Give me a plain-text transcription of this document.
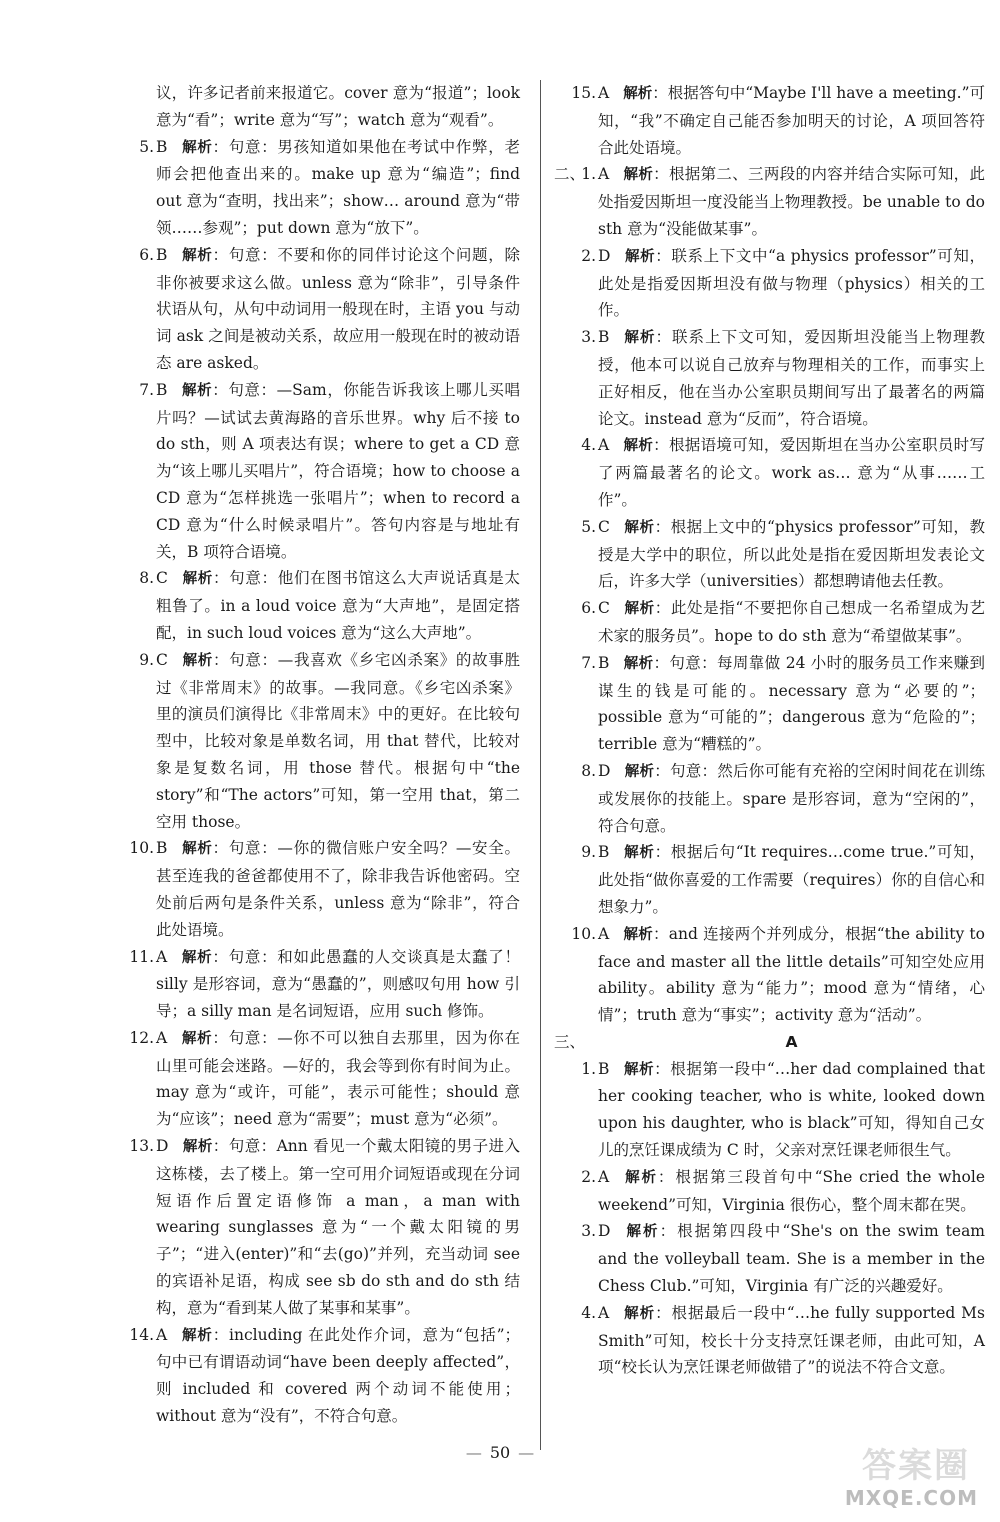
议，许多记者前来报道它。cover 意为“报道”；look 意为“看”；write 意为“写”；watch 意为“观看”。
5. B 解析：句意：男孩知道如果他在考试中作弊，老师会把他查出来的。make up 意为“编造”；find out 意为“查明，找出来”；show… around 意为“带领……参观”；put down 意为“放下”。
6. B 解析：句意：不要和你的同伴讨论这个问题，除非你被要求这么做。unless 意为“除非”，引导条件状语从句，从句中动词用一般现在时，主语 you 与动词 ask 之间是被动关系，故应用一般现在时的被动语态 are asked。
7. B 解析：句意：—Sam，你能告诉我该上哪儿买唱片吗？—试试去黄海路的音乐世界。why 后不接 to do sth，则 A 项表达有误；where to get a CD 意为“该上哪儿买唱片”，符合语境；how to choose a CD 意为“怎样挑选一张唱片”；when to record a CD 意为“什么时候录唱片”。答句内容是与地址有关，B 项符合语境。
8. C 解析：句意：他们在图书馆这么大声说话真是太粗鲁了。in a loud voice 意为“大声地”，是固定搭配，in such loud voices 意为“这么大声地”。
9. C 解析：句意：—我喜欢《乡宅凶杀案》的故事胜过《非常周末》的故事。—我同意。《乡宅凶杀案》里的演员们演得比《非常周末》中的更好。在比较句型中，比较对象是单数名词，用 that 替代，比较对象是复数名词，用 those 替代。根据句中“the story”和“The actors”可知，第一空用 that，第二空用 those。
10. B 解析：句意：—你的微信账户安全吗？—安全。甚至连我的爸爸都使用不了，除非我告诉他密码。空处前后两句是条件关系，unless 意为“除非”，符合此处语境。
11. A 解析：句意：和如此愚蠢的人交谈真是太蠢了！silly 是形容词，意为“愚蠢的”，则感叹句用 how 引导；a silly man 是名词短语，应用 such 修饰。
12. A 解析：句意：—你不可以独自去那里，因为你在山里可能会迷路。—好的，我会等到你有时间为止。may 意为“或许，可能”，表示可能性；should 意为“应该”；need 意为“需要”；must 意为“必须”。
13. D 解析：句意：Ann 看见一个戴太阳镜的男子进入这栋楼，去了楼上。第一空可用介词短语或现在分词短语作后置定语修饰 a man，a man with wearing sunglasses 意为“一个戴太阳镜的男子”；“进入(enter)”和“去(go)”并列，充当动词 see 的宾语补足语，构成 see sb do sth and do sth 结构，意为“看到某人做了某事和某事”。
14. A 解析：including 在此处作介词，意为“包括”；句中已有谓语动词“have been deeply affected”，则 included 和 covered 两个动词不能使用；without 意为“没有”，不符合句意。
15. A 解析：根据答句中“Maybe I'll have a meeting.”可知，“我”不确定自己能否参加明天的讨论，A 项回答符合此处语境。
二、
1. A 解析：根据第二、三两段的内容并结合实际可知，此处指爱因斯坦一度没能当上物理教授。be unable to do sth 意为“没能做某事”。
2. D 解析：联系上下文中“a physics professor”可知，此处是指爱因斯坦没有做与物理（physics）相关的工作。
3. B 解析：联系上下文可知，爱因斯坦没能当上物理教授，他本可以说自己放弃与物理相关的工作，而事实上正好相反，他在当办公室职员期间写出了最著名的两篇论文。instead 意为“反而”，符合语境。
4. A 解析：根据语境可知，爱因斯坦在当办公室职员时写了两篇最著名的论文。work as… 意为“从事……工作”。
5. C 解析：根据上文中的“physics professor”可知，教授是大学中的职位，所以此处是指在爱因斯坦发表论文后，许多大学（universities）都想聘请他去任教。
6. C 解析：此处是指“不要把你自己想成一名希望成为艺术家的服务员”。hope to do sth 意为“希望做某事”。
7. B 解析：句意：每周靠做 24 小时的服务员工作来赚到谋生的钱是可能的。necessary 意为“必要的”；possible 意为“可能的”；dangerous 意为“危险的”；terrible 意为“糟糕的”。
8. D 解析：句意：然后你可能有充裕的空闲时间花在训练或发展你的技能上。spare 是形容词，意为“空闲的”，符合句意。
9. B 解析：根据后句“It requires…come true.”可知，此处指“做你喜爱的工作需要（requires）你的自信心和想象力”。
10. A 解析：and 连接两个并列成分，根据“the ability to face and master all the little details”可知空处应用 ability。ability 意为“能力”；mood 意为“情绪，心情”；truth 意为“事实”；activity 意为“活动”。
三、	A
1. B 解析：根据第一段中“…her dad complained that her cooking teacher, who is white, looked down upon his daughter, who is black”可知，得知自己女儿的烹饪课成绩为 C 时，父亲对烹饪课老师很生气。
2. A 解析：根据第三段首句中“She cried the whole weekend”可知，Virginia 很伤心，整个周末都在哭。
3. D 解析：根据第四段中“She's on the swim team and the volleyball team. She is a member in the Chess Club.”可知，Virginia 有广泛的兴趣爱好。
4. A 解析：根据最后一段中“…he fully supported Ms Smith”可知，校长十分支持烹饪课老师，由此可知，A 项“校长认为烹饪课老师做错了”的说法不符合文意。
— 50 —	答案圈
MXQE.COM
